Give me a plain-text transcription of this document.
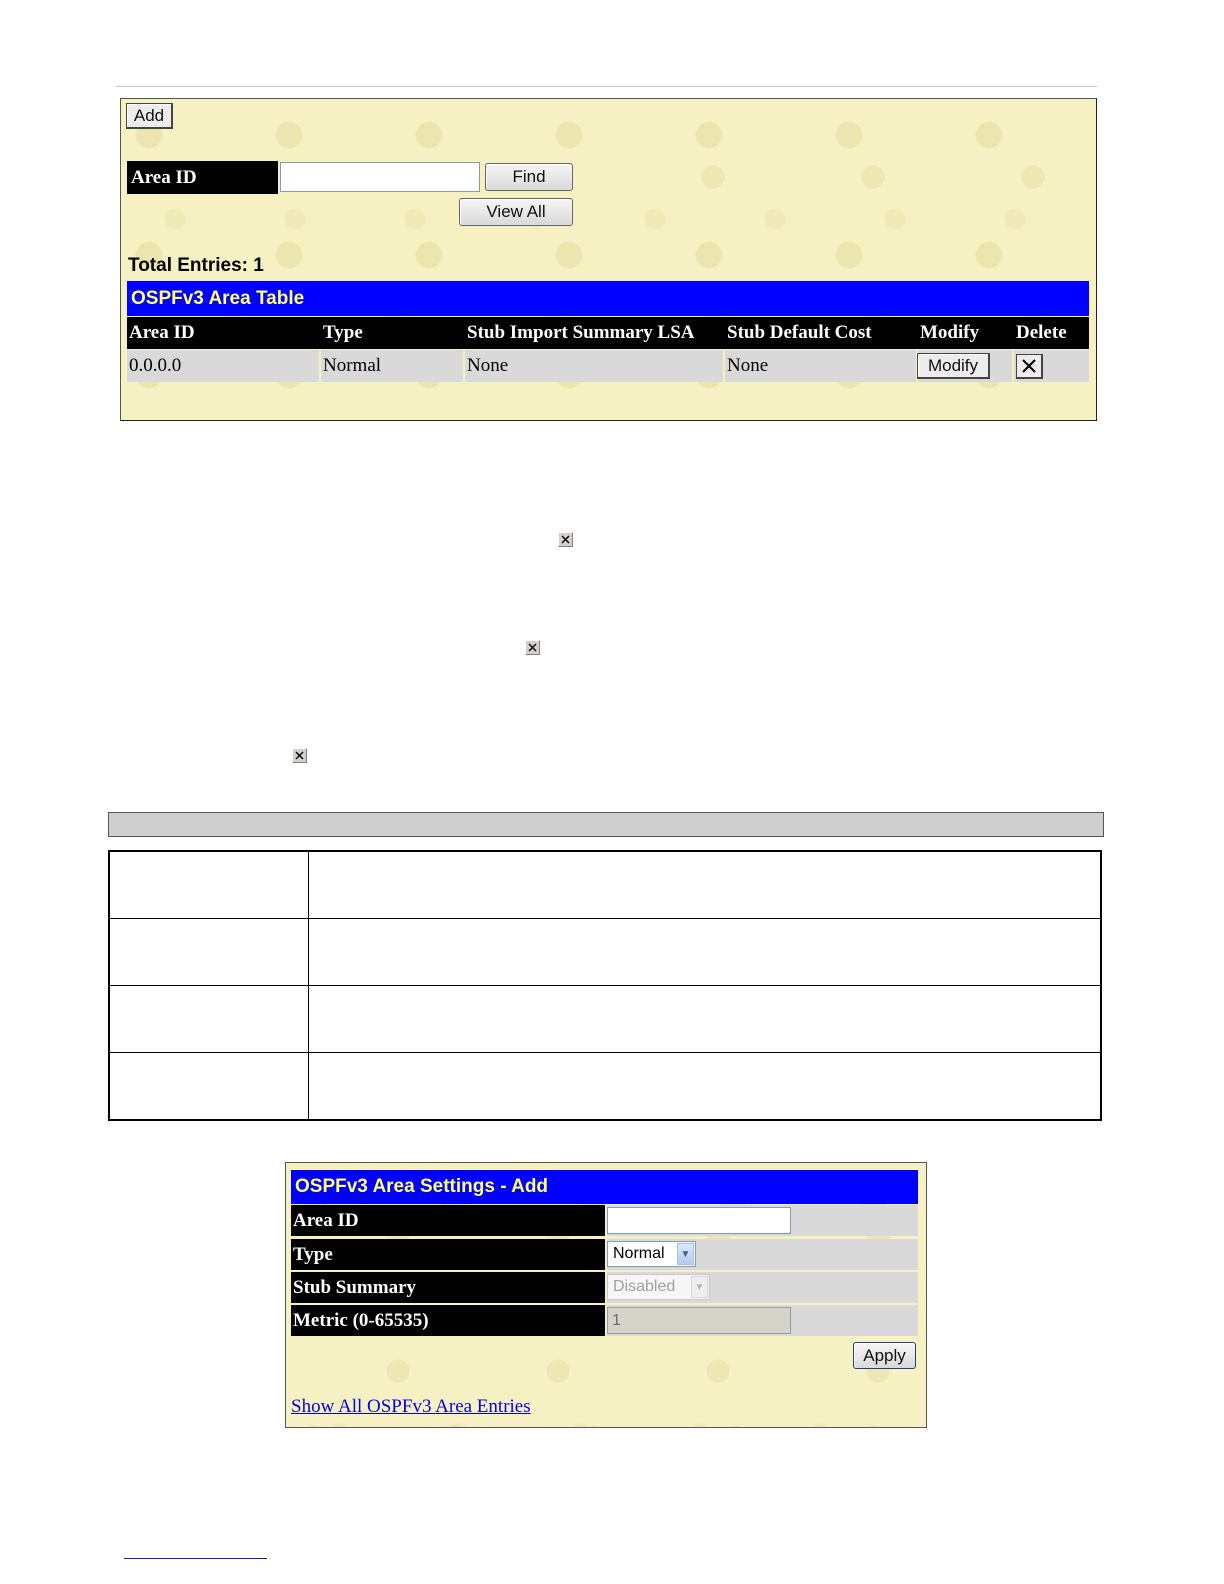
Add
Area ID	Find
View All
Total Entries: 1
OSPFv3 Area Table
Area ID	Type	Stub Import Summary LSA	Stub Default Cost	Modify	Delete
0.0.0.0	Normal	None	None	Modify

OSPFv3 Area Settings - Add
Area ID
Type	Normal	▼
Stub Summary	Disabled	▼
Metric (0-65535)	1
Apply
Show All OSPFv3 Area Entries
